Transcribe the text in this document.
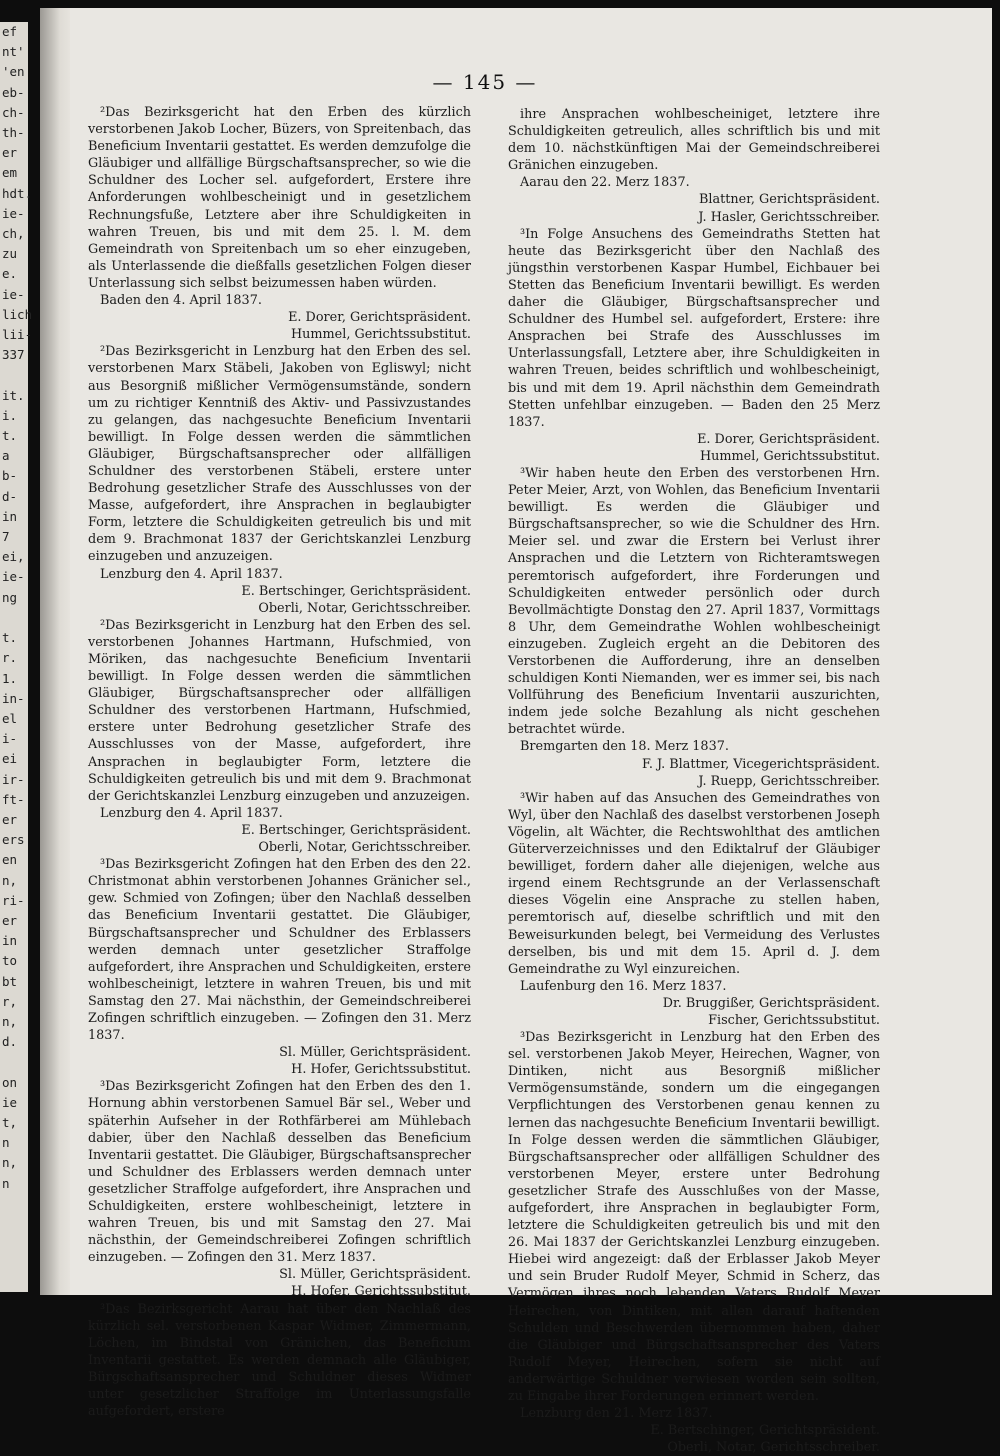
ef
nt'
'en
eb-
ch-
th-
er
em
hdt.
ie-
ch,
zu
e.
ie-
lich
lii-
337

it.
i.
t.
a
b-
d-
in
7
ei,
ie-
ng

t.
r.
1.
in-
el
i-
ei
ir-
ft-
er
ers
en
n,
ri-
er
in
to
bt
r,
n,
d.

on
ie
t,
n
n,
n
— 145 —

²Das Bezirksgericht hat den Erben des kürzlich verstorbenen Jakob Locher, Büzers, von Spreitenbach, das Beneficium Inventarii gestattet. Es werden demzufolge die Gläubiger und allfällige Bürgschaftsansprecher, so wie die Schuldner des Locher sel. aufgefordert, Erstere ihre Anforderungen wohlbescheinigt und in gesetzlichem Rechnungsfuße, Letztere aber ihre Schuldigkeiten in wahren Treuen, bis und mit dem 25. l. M. dem Gemeindrath von Spreitenbach um so eher einzugeben, als Unterlassende die dießfalls gesetzlichen Folgen dieser Unterlassung sich selbst beizumessen haben würden.

Baden den 4. April 1837.

E. Dorer, Gerichtspräsident.

Hummel, Gerichtssubstitut.

²Das Bezirksgericht in Lenzburg hat den Erben des sel. verstorbenen Marx Stäbeli, Jakoben von Egliswyl; nicht aus Besorgniß mißlicher Vermögensumstände, sondern um zu richtiger Kenntniß des Aktiv- und Passivzustandes zu gelangen, das nachgesuchte Beneficium Inventarii bewilligt. In Folge dessen werden die sämmtlichen Gläubiger, Bürgschaftsansprecher oder allfälligen Schuldner des verstorbenen Stäbeli, erstere unter Bedrohung gesetzlicher Strafe des Ausschlusses von der Masse, aufgefordert, ihre Ansprachen in beglaubigter Form, letztere die Schuldigkeiten getreulich bis und mit dem 9. Brachmonat 1837 der Gerichtskanzlei Lenzburg einzugeben und anzuzeigen.

Lenzburg den 4. April 1837.

E. Bertschinger, Gerichtspräsident.

Oberli, Notar, Gerichtsschreiber.

²Das Bezirksgericht in Lenzburg hat den Erben des sel. verstorbenen Johannes Hartmann, Hufschmied, von Möriken, das nachgesuchte Beneficium Inventarii bewilligt. In Folge dessen werden die sämmtlichen Gläubiger, Bürgschaftsansprecher oder allfälligen Schuldner des verstorbenen Hartmann, Hufschmied, erstere unter Bedrohung gesetzlicher Strafe des Ausschlusses von der Masse, aufgefordert, ihre Ansprachen in beglaubigter Form, letztere die Schuldigkeiten getreulich bis und mit dem 9. Brachmonat der Gerichtskanzlei Lenzburg einzugeben und anzuzeigen.

Lenzburg den 4. April 1837.

E. Bertschinger, Gerichtspräsident.

Oberli, Notar, Gerichtsschreiber.

³Das Bezirksgericht Zofingen hat den Erben des den 22. Christmonat abhin verstorbenen Johannes Gränicher sel., gew. Schmied von Zofingen; über den Nachlaß desselben das Beneficium Inventarii gestattet. Die Gläubiger, Bürgschaftsansprecher und Schuldner des Erblassers werden demnach unter gesetzlicher Straffolge aufgefordert, ihre Ansprachen und Schuldigkeiten, erstere wohlbescheinigt, letztere in wahren Treuen, bis und mit Samstag den 27. Mai nächsthin, der Gemeindschreiberei Zofingen schriftlich einzugeben. — Zofingen den 31. Merz 1837.

Sl. Müller, Gerichtspräsident.

H. Hofer, Gerichtssubstitut.

³Das Bezirksgericht Zofingen hat den Erben des den 1. Hornung abhin verstorbenen Samuel Bär sel., Weber und späterhin Aufseher in der Rothfärberei am Mühlebach dabier, über den Nachlaß desselben das Beneficium Inventarii gestattet. Die Gläubiger, Bürgschaftsansprecher und Schuldner des Erblassers werden demnach unter gesetzlicher Straffolge aufgefordert, ihre Ansprachen und Schuldigkeiten, erstere wohlbescheinigt, letztere in wahren Treuen, bis und mit Samstag den 27. Mai nächsthin, der Gemeindschreiberei Zofingen schriftlich einzugeben. — Zofingen den 31. Merz 1837.

Sl. Müller, Gerichtspräsident.

H. Hofer, Gerichtssubstitut.

³Das Bezirksgericht Aarau hat über den Nachlaß des kürzlich sel. verstorbenen Kaspar Widmer, Zimmermann, Löchen, im Bindstal von Gränichen, das Beneficium Inventarii gestattet. Es werden demnach alle Gläubiger, Bürgschaftsansprecher und Schuldner dieses Widmer unter gesetzlicher Straffolge im Unterlassungsfalle aufgefordert, erstere

ihre Ansprachen wohlbescheiniget, letztere ihre Schuldigkeiten getreulich, alles schriftlich bis und mit dem 10. nächstkünftigen Mai der Gemeindschreiberei Gränichen einzugeben.

Aarau den 22. Merz 1837.

Blattner, Gerichtspräsident.

J. Hasler, Gerichtsschreiber.

³In Folge Ansuchens des Gemeindraths Stetten hat heute das Bezirksgericht über den Nachlaß des jüngsthin verstorbenen Kaspar Humbel, Eichbauer bei Stetten das Beneficium Inventarii bewilligt. Es werden daher die Gläubiger, Bürgschaftsansprecher und Schuldner des Humbel sel. aufgefordert, Erstere: ihre Ansprachen bei Strafe des Ausschlusses im Unterlassungsfall, Letztere aber, ihre Schuldigkeiten in wahren Treuen, beides schriftlich und wohlbescheinigt, bis und mit dem 19. April nächsthin dem Gemeindrath Stetten unfehlbar einzugeben. — Baden den 25 Merz 1837.

E. Dorer, Gerichtspräsident.

Hummel, Gerichtssubstitut.

³Wir haben heute den Erben des verstorbenen Hrn. Peter Meier, Arzt, von Wohlen, das Beneficium Inventarii bewilligt. Es werden die Gläubiger und Bürgschaftsansprecher, so wie die Schuldner des Hrn. Meier sel. und zwar die Erstern bei Verlust ihrer Ansprachen und die Letztern von Richteramtswegen peremtorisch aufgefordert, ihre Forderungen und Schuldigkeiten entweder persönlich oder durch Bevollmächtigte Donstag den 27. April 1837, Vormittags 8 Uhr, dem Gemeindrathe Wohlen wohlbescheinigt einzugeben. Zugleich ergeht an die Debitoren des Verstorbenen die Aufforderung, ihre an denselben schuldigen Konti Niemanden, wer es immer sei, bis nach Vollführung des Beneficium Inventarii auszurichten, indem jede solche Bezahlung als nicht geschehen betrachtet würde.

Bremgarten den 18. Merz 1837.

F. J. Blattmer, Vicegerichtspräsident.

J. Ruepp, Gerichtsschreiber.

³Wir haben auf das Ansuchen des Gemeindrathes von Wyl, über den Nachlaß des daselbst verstorbenen Joseph Vögelin, alt Wächter, die Rechtswohlthat des amtlichen Güterverzeichnisses und den Ediktalruf der Gläubiger bewilliget, fordern daher alle diejenigen, welche aus irgend einem Rechtsgrunde an der Verlassenschaft dieses Vögelin eine Ansprache zu stellen haben, peremtorisch auf, dieselbe schriftlich und mit den Beweisurkunden belegt, bei Vermeidung des Verlustes derselben, bis und mit dem 15. April d. J. dem Gemeindrathe zu Wyl einzureichen.

Laufenburg den 16. Merz 1837.

Dr. Bruggißer, Gerichtspräsident.

Fischer, Gerichtssubstitut.

³Das Bezirksgericht in Lenzburg hat den Erben des sel. verstorbenen Jakob Meyer, Heirechen, Wagner, von Dintiken, nicht aus Besorgniß mißlicher Vermögensumstände, sondern um die eingegangen Verpflichtungen des Verstorbenen genau kennen zu lernen das nachgesuchte Beneficium Inventarii bewilligt. In Folge dessen werden die sämmtlichen Gläubiger, Bürgschaftsansprecher oder allfälligen Schuldner des verstorbenen Meyer, erstere unter Bedrohung gesetzlicher Strafe des Ausschlußes von der Masse, aufgefordert, ihre Ansprachen in beglaubigter Form, letztere die Schuldigkeiten getreulich bis und mit den 26. Mai 1837 der Gerichtskanzlei Lenzburg einzugeben. Hiebei wird angezeigt: daß der Erblasser Jakob Meyer und sein Bruder Rudolf Meyer, Schmid in Scherz, das Vermögen ihres noch lebenden Vaters Rudolf Meyer Heirechen, von Dintiken, mit allen darauf haftenden Schulden und Beschwerden übernommen haben, daher die Gläubiger und Bürgschaftsansprecher des Vaters Rudolf Meyer, Heirechen, sofern sie nicht auf anderwärtige Schuldner verwiesen worden sein sollten, zu Eingabe ihrer Forderungen erinnert werden.

Lenzburg den 21. Merz 1837.

E. Bertschinger, Gerichtspräsident.

Oberli, Notar, Gerichtsschreiber.
